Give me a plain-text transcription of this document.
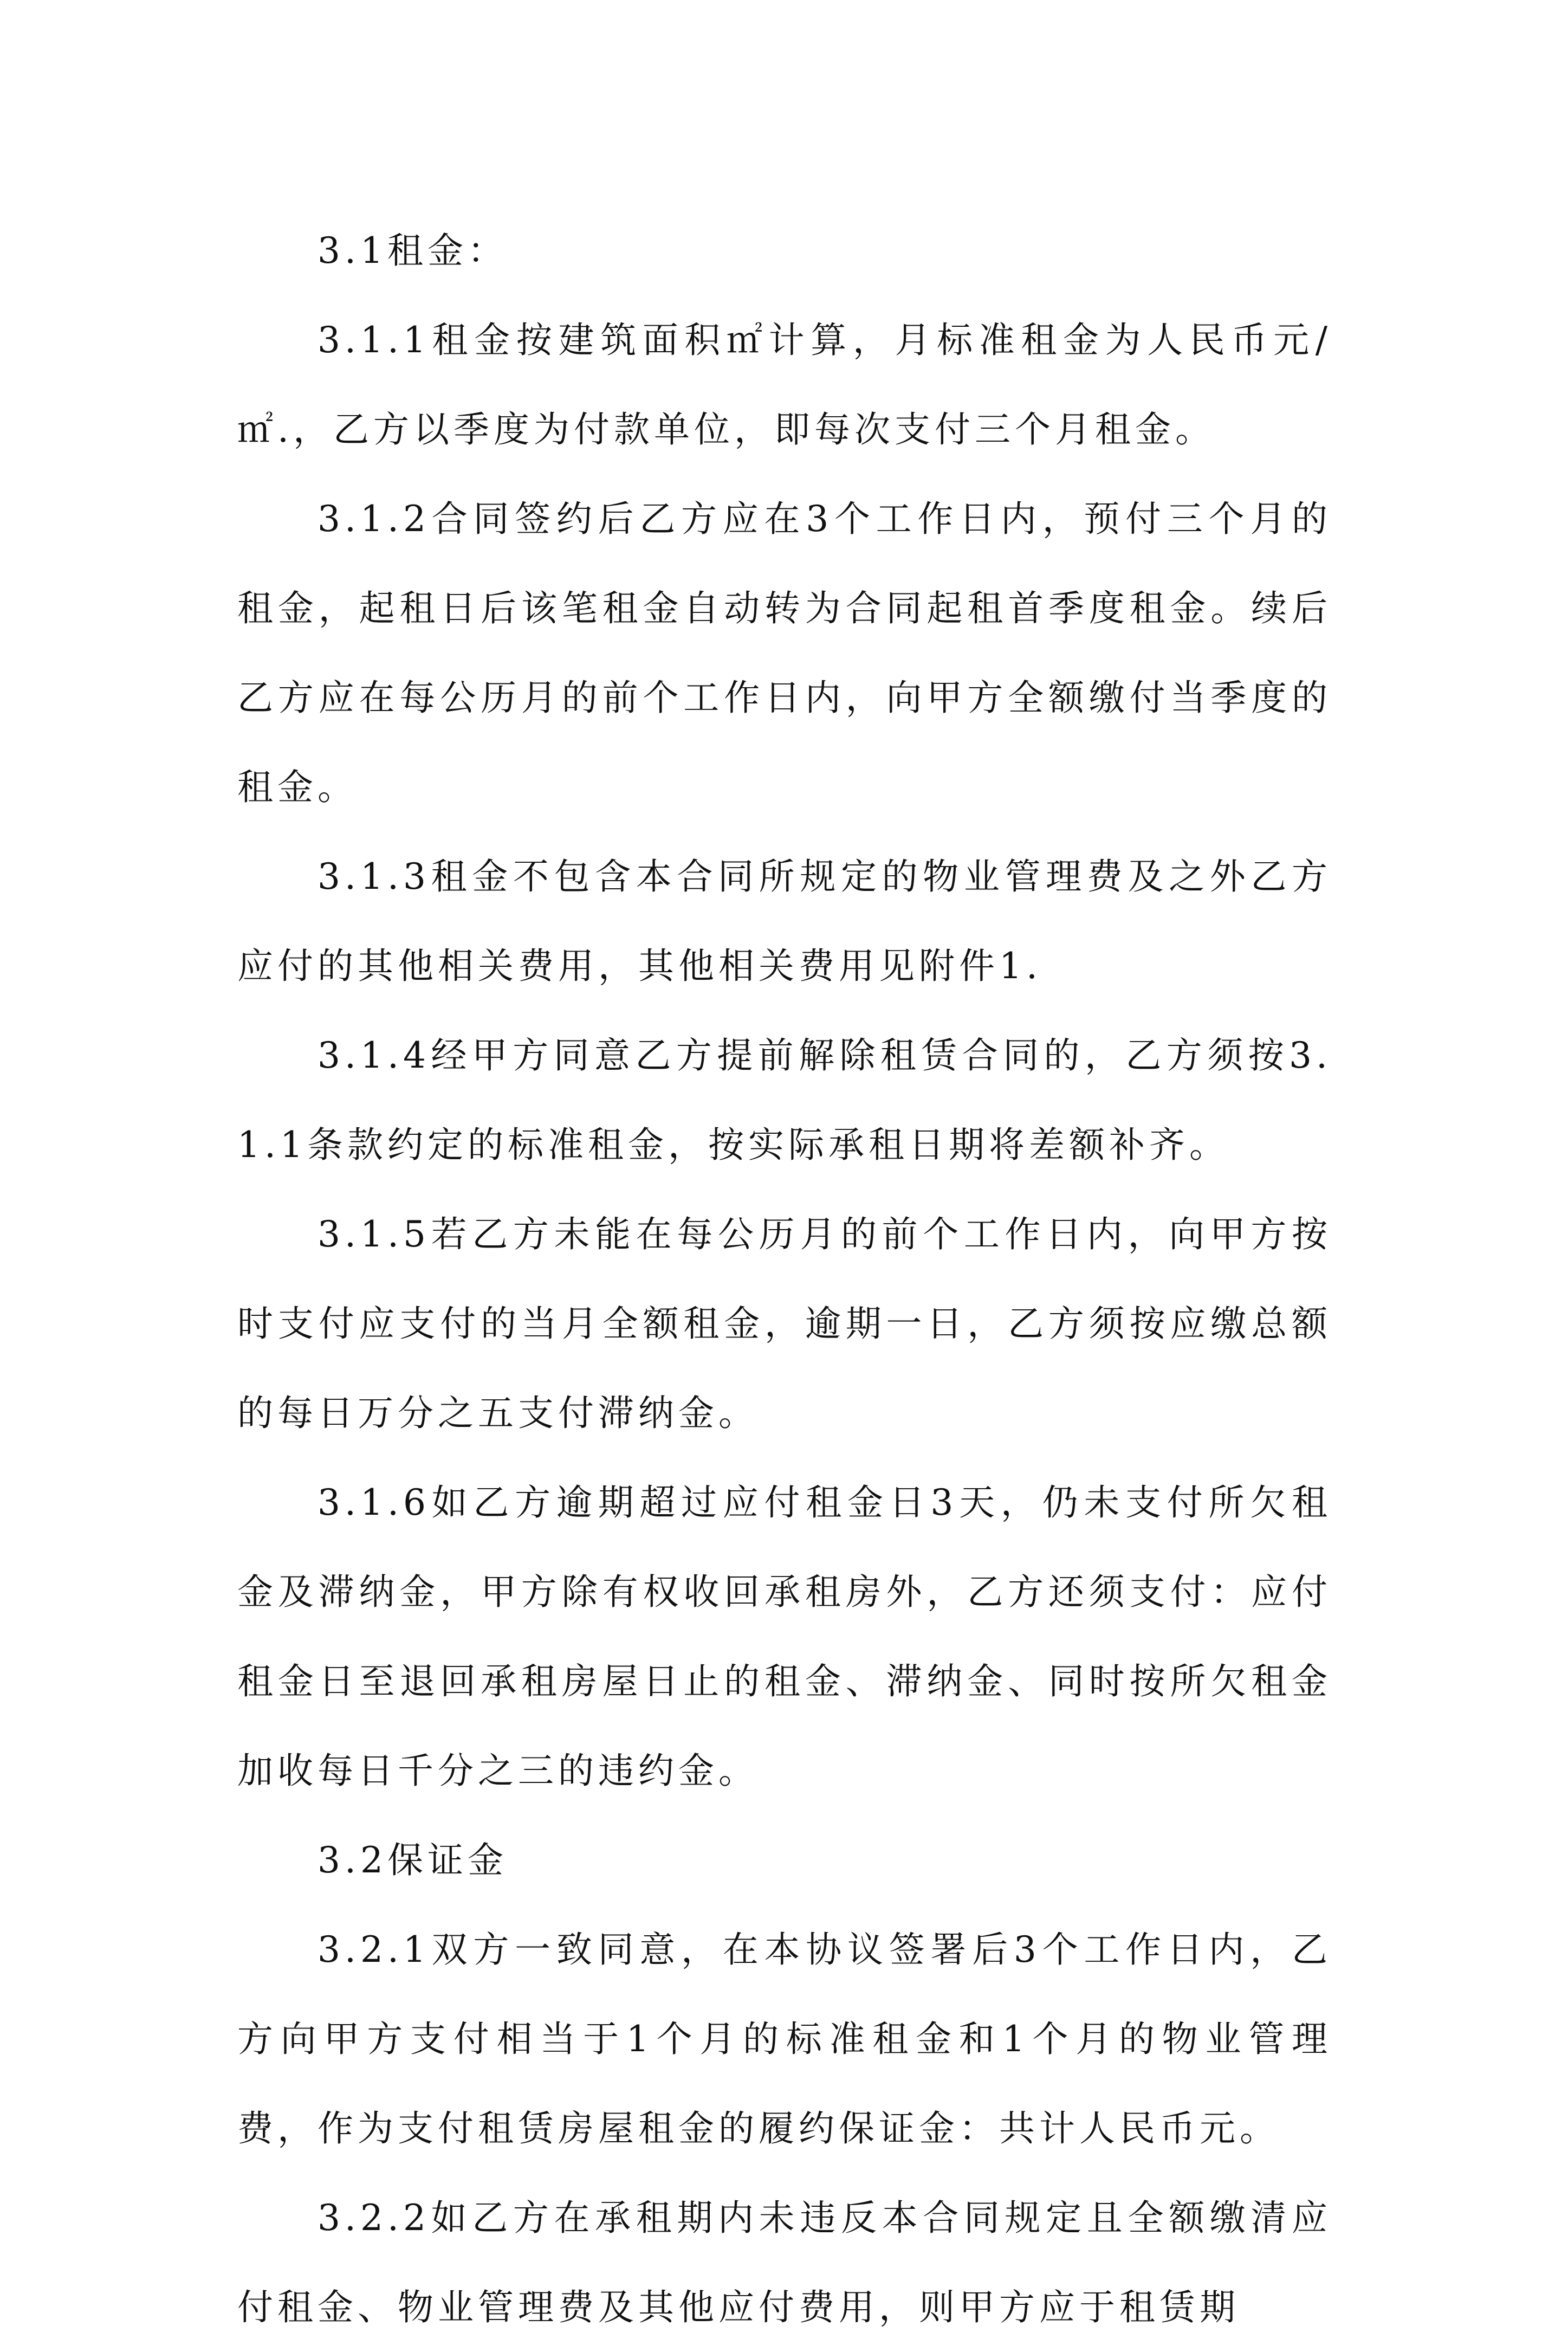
3.1租金：

3.1.1租金按建筑面积㎡计算，月标准租金为人民币元/㎡.，乙方以季度为付款单位，即每次支付三个月租金。

3.1.2合同签约后乙方应在3个工作日内，预付三个月的租金，起租日后该笔租金自动转为合同起租首季度租金。续后乙方应在每公历月的前个工作日内，向甲方全额缴付当季度的租金。

3.1.3租金不包含本合同所规定的物业管理费及之外乙方应付的其他相关费用，其他相关费用见附件1.

3.1.4经甲方同意乙方提前解除租赁合同的，乙方须按3.1.1条款约定的标准租金，按实际承租日期将差额补齐。

3.1.5若乙方未能在每公历月的前个工作日内，向甲方按时支付应支付的当月全额租金，逾期一日，乙方须按应缴总额的每日万分之五支付滞纳金。

3.1.6如乙方逾期超过应付租金日3天，仍未支付所欠租金及滞纳金，甲方除有权收回承租房外，乙方还须支付：应付租金日至退回承租房屋日止的租金、滞纳金、同时按所欠租金加收每日千分之三的违约金。

3.2保证金

3.2.1双方一致同意，在本协议签署后3个工作日内，乙方向甲方支付相当于1个月的标准租金和1个月的物业管理费，作为支付租赁房屋租金的履约保证金：共计人民币元。

3.2.2如乙方在承租期内未违反本合同规定且全额缴清应付租金、物业管理费及其他应付费用，则甲方应于租赁期
